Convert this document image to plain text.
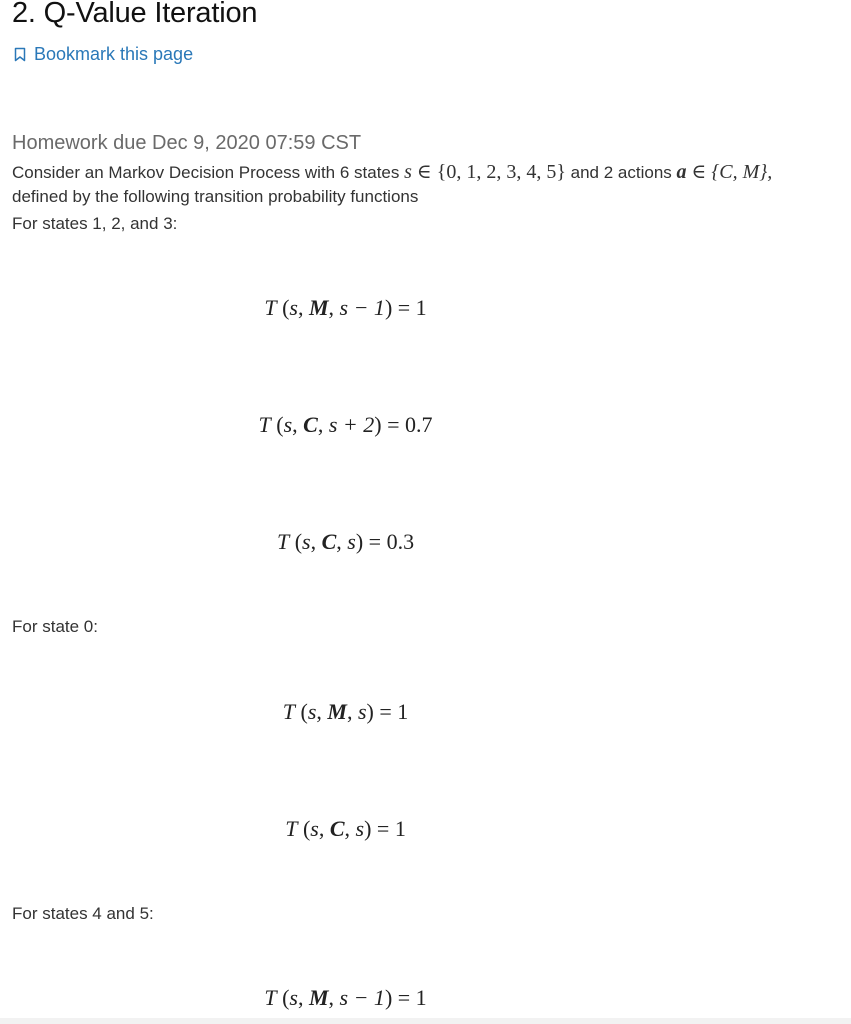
2. Q-Value Iteration
Bookmark this page
Homework due Dec 9, 2020 07:59 CST
Consider an Markov Decision Process with 6 states s ∈ {0, 1, 2, 3, 4, 5} and 2 actions a ∈ {C, M},
defined by the following transition probability functions
For states 1, 2, and 3:
T (s, M, s − 1) = 1
T (s, C, s + 2) = 0.7
T (s, C, s) = 0.3
For state 0:
T (s, M, s) = 1
T (s, C, s) = 1
For states 4 and 5:
T (s, M, s − 1) = 1
